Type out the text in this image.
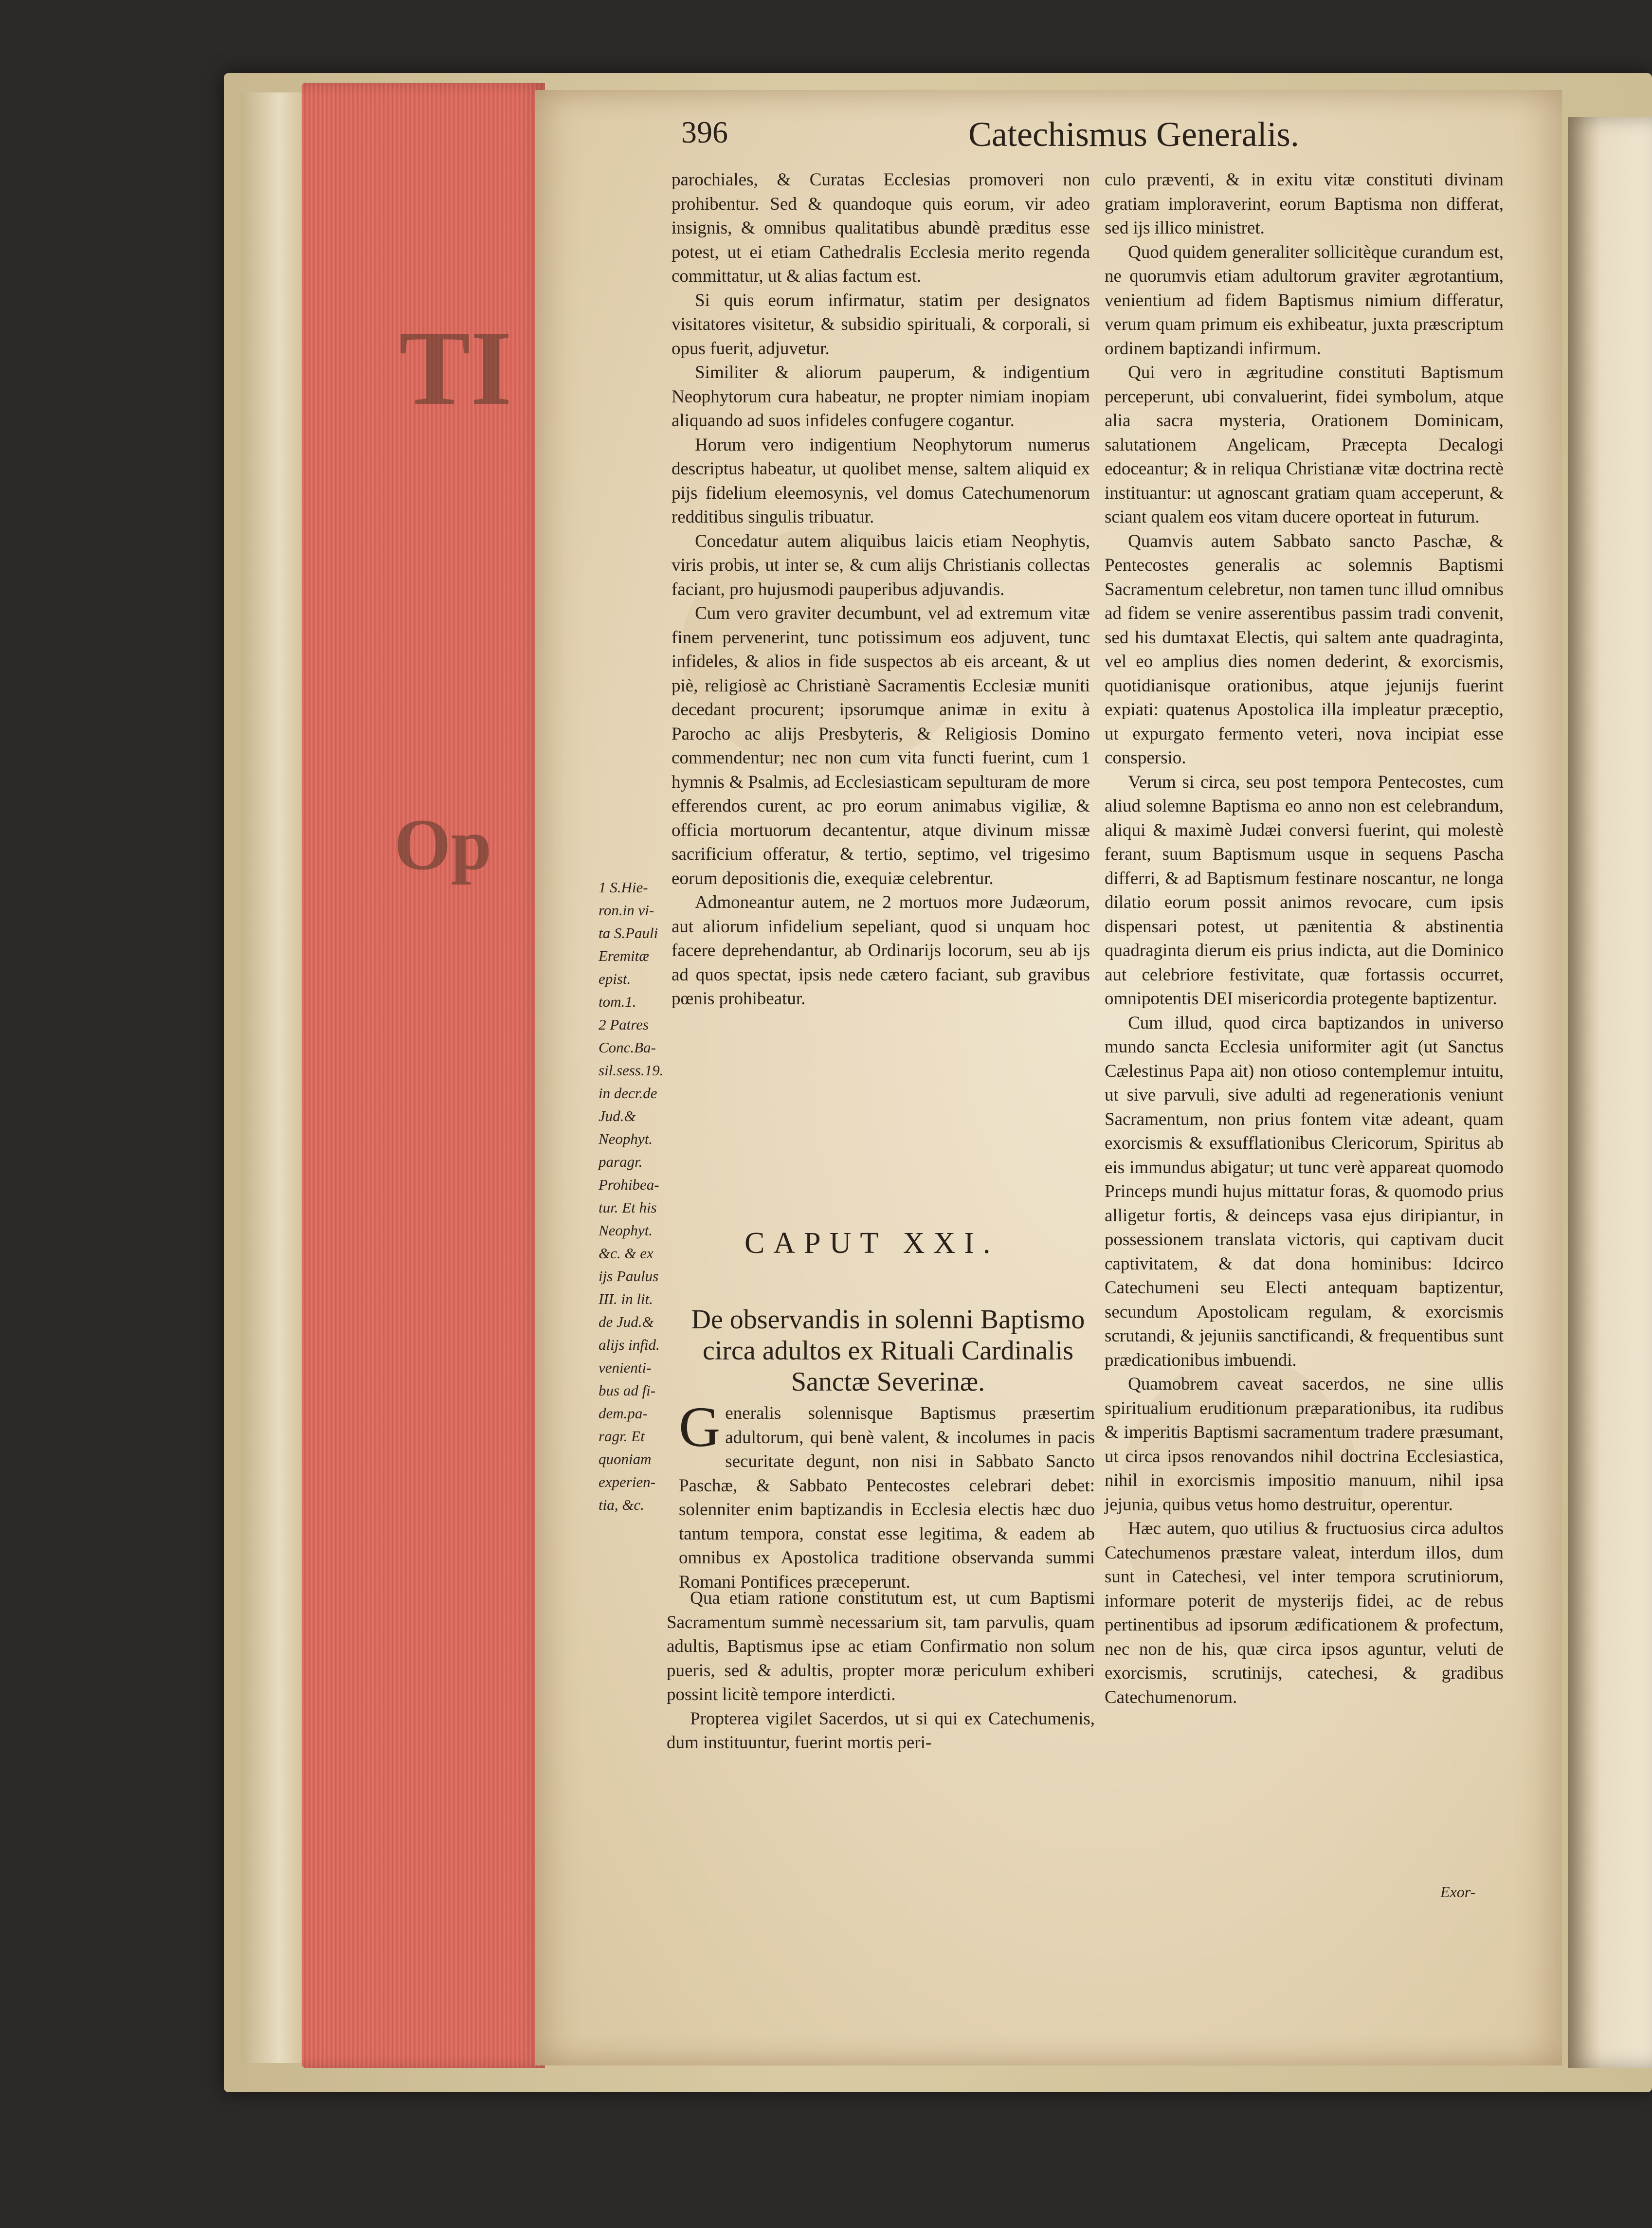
TI
Op
396	Catechismus Generalis.

parochiales, & Curatas Ecclesias promoveri non prohibentur. Sed & quandoque quis eorum, vir adeo insignis, & omnibus qualitatibus abundè præditus esse potest, ut ei etiam Cathedralis Ecclesia merito regenda committatur, ut & alias factum est.

Si quis eorum infirmatur, statim per designatos visitatores visitetur, & subsidio spirituali, & corporali, si opus fuerit, adjuvetur.

Similiter & aliorum pauperum, & indigentium Neophytorum cura habeatur, ne propter nimiam inopiam aliquando ad suos infideles confugere cogantur.

Horum vero indigentium Neophytorum numerus descriptus habeatur, ut quolibet mense, saltem aliquid ex pijs fidelium eleemosynis, vel domus Catechumenorum redditibus singulis tribuatur.

Concedatur autem aliquibus laicis etiam Neophytis, viris probis, ut inter se, & cum alijs Christianis collectas faciant, pro hujusmodi pauperibus adjuvandis.

Cum vero graviter decumbunt, vel ad extremum vitæ finem pervenerint, tunc potissimum eos adjuvent, tunc infideles, & alios in fide suspectos ab eis arceant, & ut piè, religiosè ac Christianè Sacramentis Ecclesiæ muniti decedant procurent; ipsorumque animæ in exitu à Parocho ac alijs Presbyteris, & Religiosis Domino commendentur; nec non cum vita functi fuerint, cum 1 hymnis & Psalmis, ad Ecclesiasticam sepulturam de more efferendos curent, ac pro eorum animabus vigiliæ, & officia mortuorum decantentur, atque divinum missæ sacrificium offeratur, & tertio, septimo, vel trigesimo eorum depositionis die, exequiæ celebrentur.

Admoneantur autem, ne 2 mortuos more Judæorum, aut aliorum infidelium sepeliant, quod si unquam hoc facere deprehendantur, ab Ordinarijs locorum, seu ab ijs ad quos spectat, ipsis nede cætero faciant, sub gravibus pœnis prohibeatur.

1 S.Hie-
ron.in vi-
ta S.Pauli
Eremitæ
epist.
tom.1.
2 Patres
Conc.Ba-
sil.sess.19.
in decr.de
Jud.&
Neophyt.
paragr.
Prohibea-
tur. Et his
Neophyt.
&c. & ex
ijs Paulus
III. in lit.
de Jud.&
alijs infid.
venienti-
bus ad fi-
dem.pa-
ragr. Et
quoniam
experien-
tia, &c.
CAPUT XXI.
De observandis in solenni Baptismo circa adultos ex Rituali Cardinalis Sanctæ Severinæ.
G eneralis solennisque Baptismus præsertim adultorum, qui benè valent, & incolumes in pacis securitate degunt, non nisi in Sabbato Sancto Paschæ, & Sabbato Pentecostes celebrari debet: solenniter enim baptizandis in Ecclesia electis hæc duo tantum tempora, constat esse legitima, & eadem ab omnibus ex Apostolica traditione observanda summi Romani Pontifices præceperunt.

Qua etiam ratione constitutum est, ut cum Baptismi Sacramentum summè necessarium sit, tam parvulis, quam adultis, Baptismus ipse ac etiam Confirmatio non solum pueris, sed & adultis, propter moræ periculum exhiberi possint licitè tempore interdicti.

Propterea vigilet Sacerdos, ut si qui ex Catechumenis, dum instituuntur, fuerint mortis peri-

culo præventi, & in exitu vitæ constituti divinam gratiam imploraverint, eorum Baptisma non differat, sed ijs illico ministret.

Quod quidem generaliter sollicitèque curandum est, ne quorumvis etiam adultorum graviter ægrotantium, venientium ad fidem Baptismus nimium differatur, verum quam primum eis exhibeatur, juxta præscriptum ordinem baptizandi infirmum.

Qui vero in ægritudine constituti Baptismum perceperunt, ubi convaluerint, fidei symbolum, atque alia sacra mysteria, Orationem Dominicam, salutationem Angelicam, Præcepta Decalogi edoceantur; & in reliqua Christianæ vitæ doctrina rectè instituantur: ut agnoscant gratiam quam acceperunt, & sciant qualem eos vitam ducere oporteat in futurum.

Quamvis autem Sabbato sancto Paschæ, & Pentecostes generalis ac solemnis Baptismi Sacramentum celebretur, non tamen tunc illud omnibus ad fidem se venire asserentibus passim tradi convenit, sed his dumtaxat Electis, qui saltem ante quadraginta, vel eo amplius dies nomen dederint, & exorcismis, quotidianisque orationibus, atque jejunijs fuerint expiati: quatenus Apostolica illa impleatur præceptio, ut expurgato fermento veteri, nova incipiat esse conspersio.

Verum si circa, seu post tempora Pentecostes, cum aliud solemne Baptisma eo anno non est celebrandum, aliqui & maximè Judæi conversi fuerint, qui molestè ferant, suum Baptismum usque in sequens Pascha differri, & ad Baptismum festinare noscantur, ne longa dilatio eorum possit animos revocare, cum ipsis dispensari potest, ut pænitentia & abstinentia quadraginta dierum eis prius indicta, aut die Dominico aut celebriore festivitate, quæ fortassis occurret, omnipotentis DEI misericordia protegente baptizentur.

Cum illud, quod circa baptizandos in universo mundo sancta Ecclesia uniformiter agit (ut Sanctus Cælestinus Papa ait) non otioso contemplemur intuitu, ut sive parvuli, sive adulti ad regenerationis veniunt Sacramentum, non prius fontem vitæ adeant, quam exorcismis & exsufflationibus Clericorum, Spiritus ab eis immundus abigatur; ut tunc verè appareat quomodo Princeps mundi hujus mittatur foras, & quomodo prius alligetur fortis, & deinceps vasa ejus diripiantur, in possessionem translata victoris, qui captivam ducit captivitatem, & dat dona hominibus: Idcirco Catechumeni seu Electi antequam baptizentur, secundum Apostolicam regulam, & exorcismis scrutandi, & jejuniis sanctificandi, & frequentibus sunt prædicationibus imbuendi.

Quamobrem caveat sacerdos, ne sine ullis spiritualium eruditionum præparationibus, ita rudibus & imperitis Baptismi sacramentum tradere præsumant, ut circa ipsos renovandos nihil doctrina Ecclesiastica, nihil in exorcismis impositio manuum, nihil ipsa jejunia, quibus vetus homo destruitur, operentur.

Hæc autem, quo utilius & fructuosius circa adultos Catechumenos præstare valeat, interdum illos, dum sunt in Catechesi, vel inter tempora scrutiniorum, informare poterit de mysterijs fidei, ac de rebus pertinentibus ad ipsorum ædificationem & profectum, nec non de his, quæ circa ipsos aguntur, veluti de exorcismis, scrutinijs, catechesi, & gradibus Catechumenorum.

Exor-
